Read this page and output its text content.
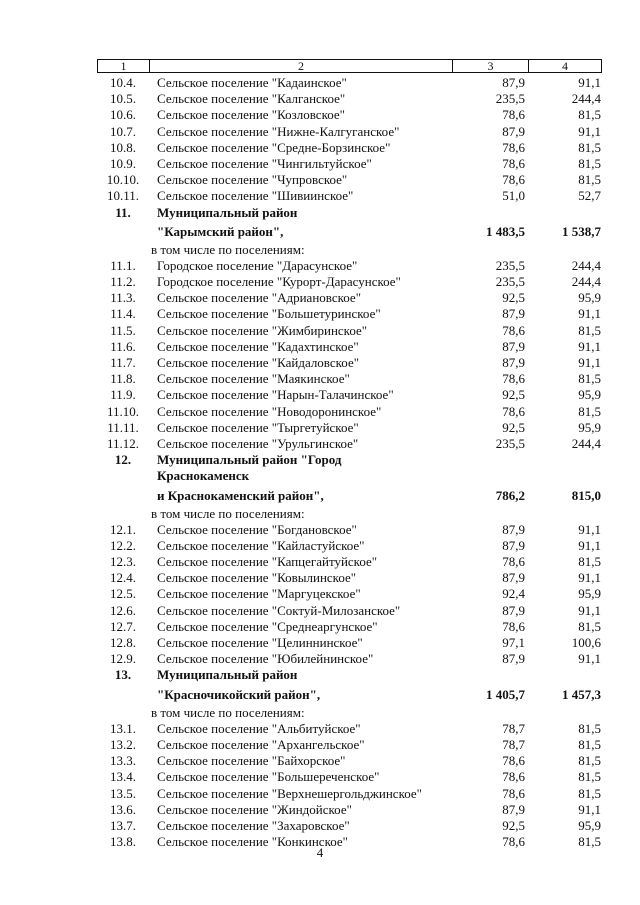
1	2	3	4
10.4.	Сельское поселение "Кадаинское"	87,9	91,1
10.5.	Сельское поселение "Калганское"	235,5	244,4
10.6.	Сельское поселение "Козловское"	78,6	81,5
10.7.	Сельское поселение "Нижне-Калгуганское"	87,9	91,1
10.8.	Сельское поселение "Средне-Борзинское"	78,6	81,5
10.9.	Сельское поселение "Чингильтуйское"	78,6	81,5
10.10.	Сельское поселение "Чупровское"	78,6	81,5
10.11.	Сельское поселение "Шивиинское"	51,0	52,7
11.	Муниципальный район
"Карымский район",	1 483,5	1 538,7
в том числе по поселениям:
11.1.	Городское поселение "Дарасунское"	235,5	244,4
11.2.	Городское поселение "Курорт-Дарасунское"	235,5	244,4
11.3.	Сельское поселение "Адриановское"	92,5	95,9
11.4.	Сельское поселение "Большетуринское"	87,9	91,1
11.5.	Сельское поселение "Жимбиринское"	78,6	81,5
11.6.	Сельское поселение "Кадахтинское"	87,9	91,1
11.7.	Сельское поселение "Кайдаловское"	87,9	91,1
11.8.	Сельское поселение "Маякинское"	78,6	81,5
11.9.	Сельское поселение "Нарын-Талачинское"	92,5	95,9
11.10.	Сельское поселение "Новодоронинское"	78,6	81,5
11.11.	Сельское поселение "Тыргетуйское"	92,5	95,9
11.12.	Сельское поселение "Урульгинское"	235,5	244,4
12.	Муниципальный район "Город
Краснокаменск
и Краснокаменский район",	786,2	815,0
в том числе по поселениям:
12.1.	Сельское поселение "Богдановское"	87,9	91,1
12.2.	Сельское поселение "Кайластуйское"	87,9	91,1
12.3.	Сельское поселение "Капцегайтуйское"	78,6	81,5
12.4.	Сельское поселение "Ковылинское"	87,9	91,1
12.5.	Сельское поселение "Маргуцекское"	92,4	95,9
12.6.	Сельское поселение "Соктуй-Милозанское"	87,9	91,1
12.7.	Сельское поселение "Среднеаргунское"	78,6	81,5
12.8.	Сельское поселение "Целиннинское"	97,1	100,6
12.9.	Сельское поселение "Юбилейнинское"	87,9	91,1
13.	Муниципальный район
"Красночикойский район",	1 405,7	1 457,3
в том числе по поселениям:
13.1.	Сельское поселение "Альбитуйское"	78,7	81,5
13.2.	Сельское поселение "Архангельское"	78,7	81,5
13.3.	Сельское поселение "Байхорское"	78,6	81,5
13.4.	Сельское поселение "Большереченское"	78,6	81,5
13.5.	Сельское поселение "Верхнешергольджинское"	78,6	81,5
13.6.	Сельское поселение "Жиндойское"	87,9	91,1
13.7.	Сельское поселение "Захаровское"	92,5	95,9
13.8.	Сельское поселение "Конкинское"	78,6	81,5
4
